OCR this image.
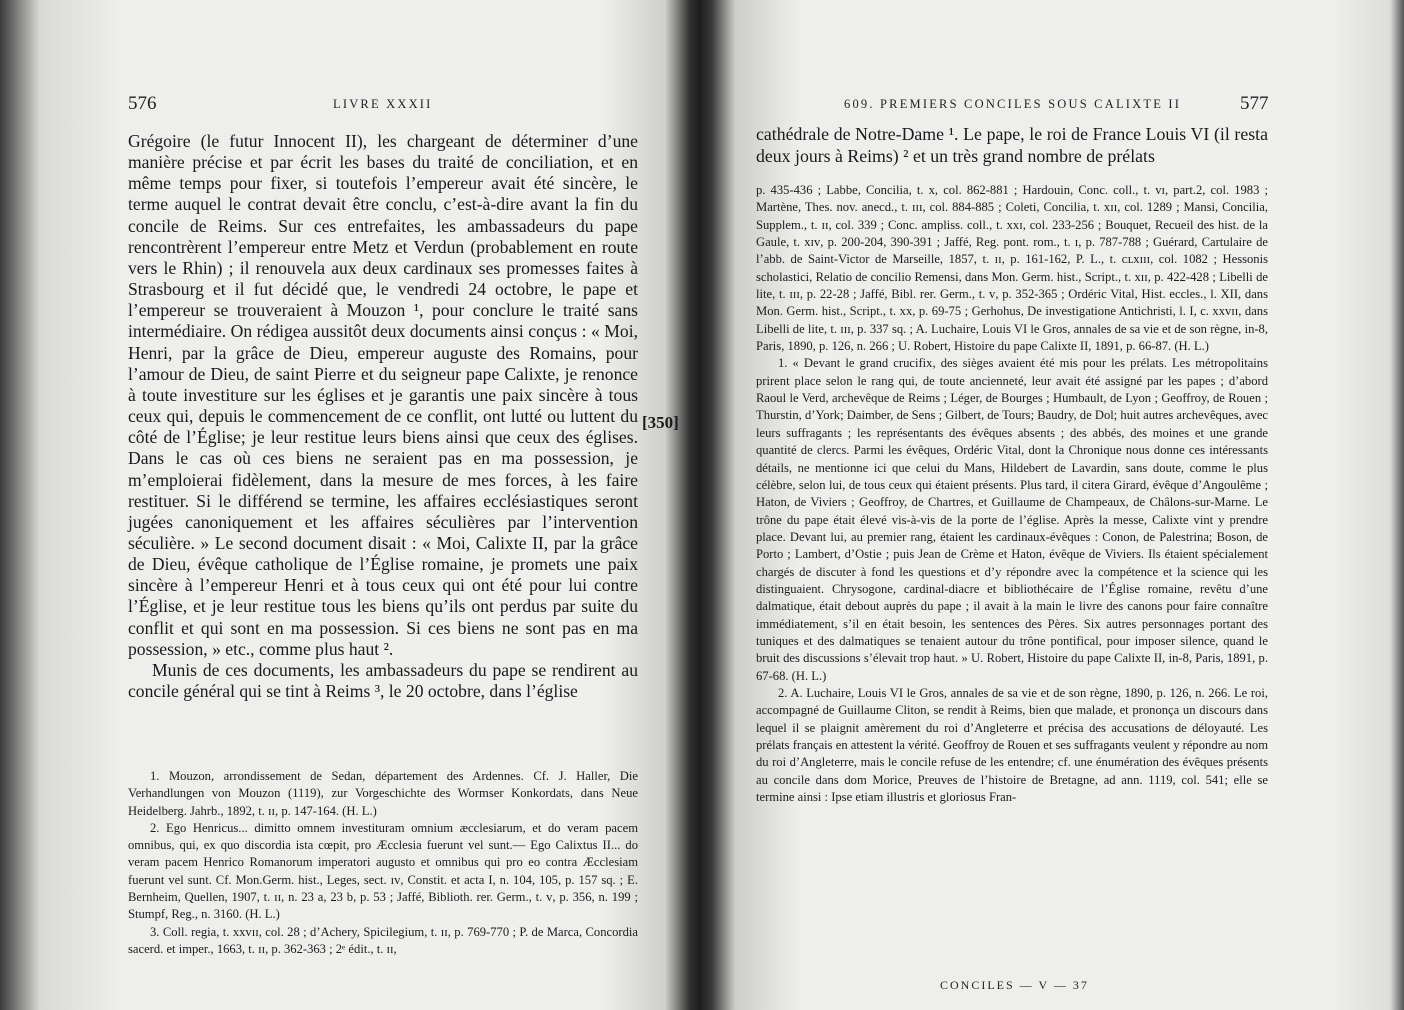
576	LIVRE XXXII

Grégoire (le futur Innocent II), les chargeant de déterminer d’une manière précise et par écrit les bases du traité de conciliation, et en même temps pour fixer, si toutefois l’empereur avait été sincère, le terme auquel le contrat devait être conclu, c’est-à-dire avant la fin du concile de Reims. Sur ces entrefaites, les ambassadeurs du pape rencontrèrent l’empereur entre Metz et Verdun (probablement en route vers le Rhin) ; il renouvela aux deux cardinaux ses promesses faites à Strasbourg et il fut décidé que, le vendredi 24 octobre, le pape et l’empereur se trouveraient à Mouzon ¹, pour conclure le traité sans intermédiaire. On rédigea aussitôt deux documents ainsi conçus : « Moi, Henri, par la grâce de Dieu, empereur auguste des Romains, pour l’amour de Dieu, de saint Pierre et du seigneur pape Calixte, je renonce à toute investiture sur les églises et je garantis une paix sincère à tous ceux qui, depuis le commencement de ce conflit, ont lutté ou luttent du côté de l’Église; je leur restitue leurs biens ainsi que ceux des églises. Dans le cas où ces biens ne seraient pas en ma possession, je m’emploierai fidèlement, dans la mesure de mes forces, à les faire restituer. Si le différend se termine, les affaires ecclésiastiques seront jugées canoniquement et les affaires séculières par l’intervention séculière. » Le second document disait : « Moi, Calixte II, par la grâce de Dieu, évêque catholique de l’Église romaine, je promets une paix sincère à l’empereur Henri et à tous ceux qui ont été pour lui contre l’Église, et je leur restitue tous les biens qu’ils ont perdus par suite du conflit et qui sont en ma possession. Si ces biens ne sont pas en ma possession, » etc., comme plus haut ².

Munis de ces documents, les ambassadeurs du pape se rendirent au concile général qui se tint à Reims ³, le 20 octobre, dans l’église

[350]

1. Mouzon, arrondissement de Sedan, département des Ardennes. Cf. J. Haller, Die Verhandlungen von Mouzon (1119), zur Vorgeschichte des Wormser Konkordats, dans Neue Heidelberg. Jahrb., 1892, t. ɪɪ, p. 147-164. (H. L.)

2. Ego Henricus... dimitto omnem investituram omnium æcclesiarum, et do veram pacem omnibus, qui, ex quo discordia ista cœpit, pro Æcclesia fuerunt vel sunt.— Ego Calixtus II... do veram pacem Henrico Romanorum imperatori augusto et omnibus qui pro eo contra Æcclesiam fuerunt vel sunt. Cf. Mon.Germ. hist., Leges, sect. ɪᴠ, Constit. et acta I, n. 104, 105, p. 157 sq. ; E. Bernheim, Quellen, 1907, t. ɪɪ, n. 23 a, 23 b, p. 53 ; Jaffé, Biblioth. rer. Germ., t. ᴠ, p. 356, n. 199 ; Stumpf, Reg., n. 3160. (H. L.)

3. Coll. regia, t. xxᴠɪɪ, col. 28 ; d’Achery, Spicilegium, t. ɪɪ, p. 769-770 ; P. de Marca, Concordia sacerd. et imper., 1663, t. ɪɪ, p. 362-363 ; 2ᵉ édit., t. ɪɪ,

609. PREMIERS CONCILES SOUS CALIXTE II	577

cathédrale de Notre-Dame ¹. Le pape, le roi de France Louis VI (il resta deux jours à Reims) ² et un très grand nombre de prélats

p. 435-436 ; Labbe, Concilia, t. x, col. 862-881 ; Hardouin, Conc. coll., t. ᴠɪ, part.2, col. 1983 ; Martène, Thes. nov. anecd., t. ɪɪɪ, col. 884-885 ; Coleti, Concilia, t. xɪɪ, col. 1289 ; Mansi, Concilia, Supplem., t. ɪɪ, col. 339 ; Conc. ampliss. coll., t. xxɪ, col. 233-256 ; Bouquet, Recueil des hist. de la Gaule, t. xɪᴠ, p. 200-204, 390-391 ; Jaffé, Reg. pont. rom., t. ɪ, p. 787-788 ; Guérard, Cartulaire de l’abb. de Saint-Victor de Marseille, 1857, t. ɪɪ, p. 161-162, P. L., t. ᴄʟxɪɪɪ, col. 1082 ; Hessonis scholastici, Relatio de concilio Remensi, dans Mon. Germ. hist., Script., t. xɪɪ, p. 422-428 ; Libelli de lite, t. ɪɪɪ, p. 22-28 ; Jaffé, Bibl. rer. Germ., t. ᴠ, p. 352-365 ; Ordéric Vital, Hist. eccles., l. XII, dans Mon. Germ. hist., Script., t. xx, p. 69-75 ; Gerhohus, De investigatione Antichristi, l. I, c. xxᴠɪɪ, dans Libelli de lite, t. ɪɪɪ, p. 337 sq. ; A. Luchaire, Louis VI le Gros, annales de sa vie et de son règne, in-8, Paris, 1890, p. 126, n. 266 ; U. Robert, Histoire du pape Calixte II, 1891, p. 66-87. (H. L.)

1. « Devant le grand crucifix, des sièges avaient été mis pour les prélats. Les métropolitains prirent place selon le rang qui, de toute ancienneté, leur avait été assigné par les papes ; d’abord Raoul le Verd, archevêque de Reims ; Léger, de Bourges ; Humbault, de Lyon ; Geoffroy, de Rouen ; Thurstin, d’York; Daimber, de Sens ; Gilbert, de Tours; Baudry, de Dol; huit autres archevêques, avec leurs suffragants ; les représentants des évêques absents ; des abbés, des moines et une grande quantité de clercs. Parmi les évêques, Ordéric Vital, dont la Chronique nous donne ces intéressants détails, ne mentionne ici que celui du Mans, Hildebert de Lavardin, sans doute, comme le plus célèbre, selon lui, de tous ceux qui étaient présents. Plus tard, il citera Girard, évêque d’Angoulême ; Haton, de Viviers ; Geoffroy, de Chartres, et Guillaume de Champeaux, de Châlons-sur-Marne. Le trône du pape était élevé vis-à-vis de la porte de l’église. Après la messe, Calixte vint y prendre place. Devant lui, au premier rang, étaient les cardinaux-évêques : Conon, de Palestrina; Boson, de Porto ; Lambert, d’Ostie ; puis Jean de Crème et Haton, évêque de Viviers. Ils étaient spécialement chargés de discuter à fond les questions et d’y répondre avec la compétence et la science qui les distinguaient. Chrysogone, cardinal-diacre et bibliothécaire de l’Église romaine, revêtu d’une dalmatique, était debout auprès du pape ; il avait à la main le livre des canons pour faire connaître immédiatement, s’il en était besoin, les sentences des Pères. Six autres personnages portant des tuniques et des dalmatiques se tenaient autour du trône pontifical, pour imposer silence, quand le bruit des discussions s’élevait trop haut. » U. Robert, Histoire du pape Calixte II, in-8, Paris, 1891, p. 67-68. (H. L.)

2. A. Luchaire, Louis VI le Gros, annales de sa vie et de son règne, 1890, p. 126, n. 266. Le roi, accompagné de Guillaume Cliton, se rendit à Reims, bien que malade, et prononça un discours dans lequel il se plaignit amèrement du roi d’Angleterre et précisa des accusations de déloyauté. Les prélats français en attestent la vérité. Geoffroy de Rouen et ses suffragants veulent y répondre au nom du roi d’Angleterre, mais le concile refuse de les entendre; cf. une énumération des évêques présents au concile dans dom Morice, Preuves de l’histoire de Bretagne, ad ann. 1119, col. 541; elle se termine ainsi : Ipse etiam illustris et gloriosus Fran-

CONCILES — V — 37
